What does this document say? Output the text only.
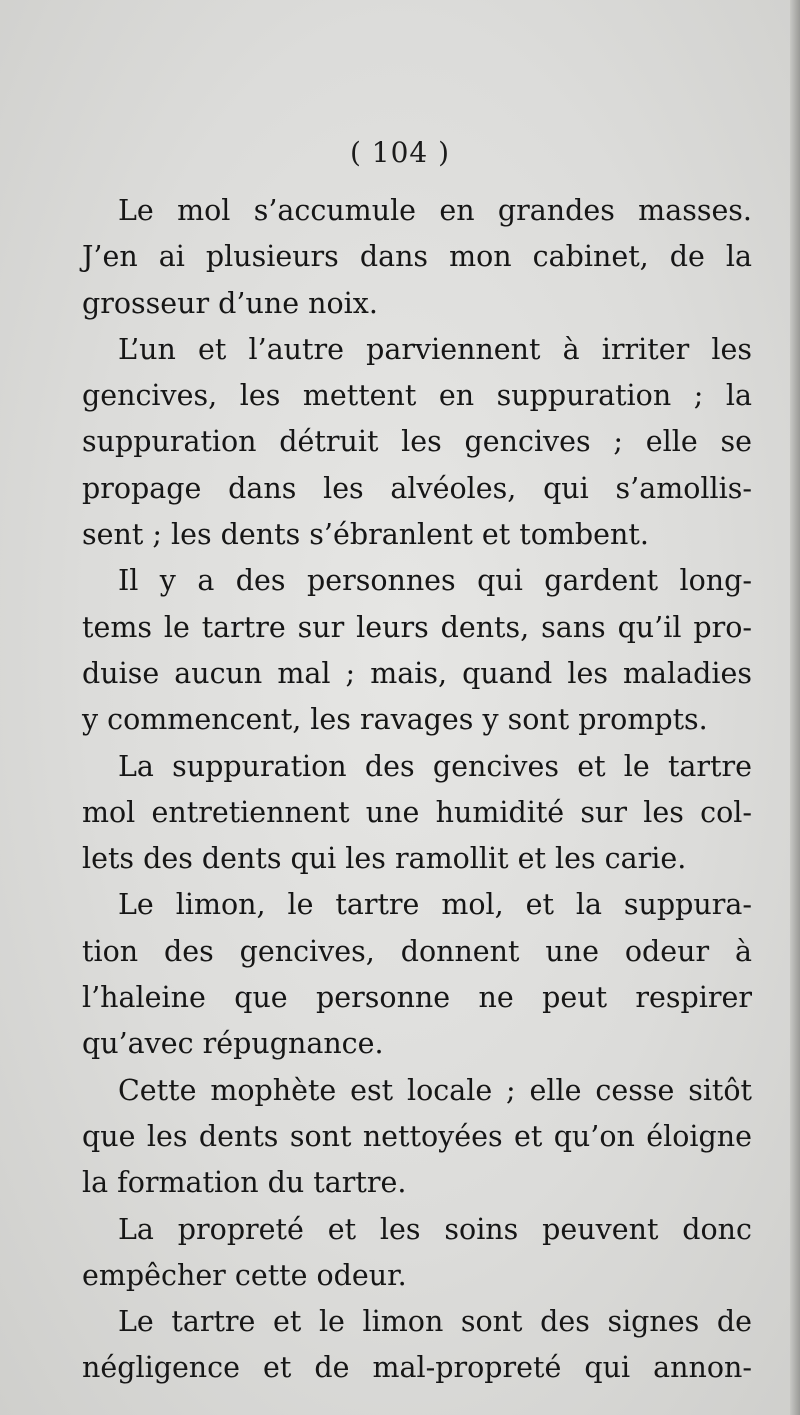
( 104 )
Le mol s’accumule en grandes masses.
J’en ai plusieurs dans mon cabinet, de la
grosseur d’une noix.
L’un et l’autre parviennent à irriter les
gencives, les mettent en suppuration ; la
suppuration détruit les gencives ; elle se
propage dans les alvéoles, qui s’amollis-
sent ; les dents s’ébranlent et tombent.
Il y a des personnes qui gardent long-
tems le tartre sur leurs dents, sans qu’il pro-
duise aucun mal ; mais, quand les maladies
y commencent, les ravages y sont prompts.
La suppuration des gencives et le tartre
mol entretiennent une humidité sur les col-
lets des dents qui les ramollit et les carie.
Le limon, le tartre mol, et la suppura-
tion des gencives, donnent une odeur à
l’haleine que personne ne peut respirer
qu’avec répugnance.
Cette mophète est locale ; elle cesse sitôt
que les dents sont nettoyées et qu’on éloigne
la formation du tartre.
La propreté et les soins peuvent donc
empêcher cette odeur.
Le tartre et le limon sont des signes de
négligence et de mal-propreté qui annon-
